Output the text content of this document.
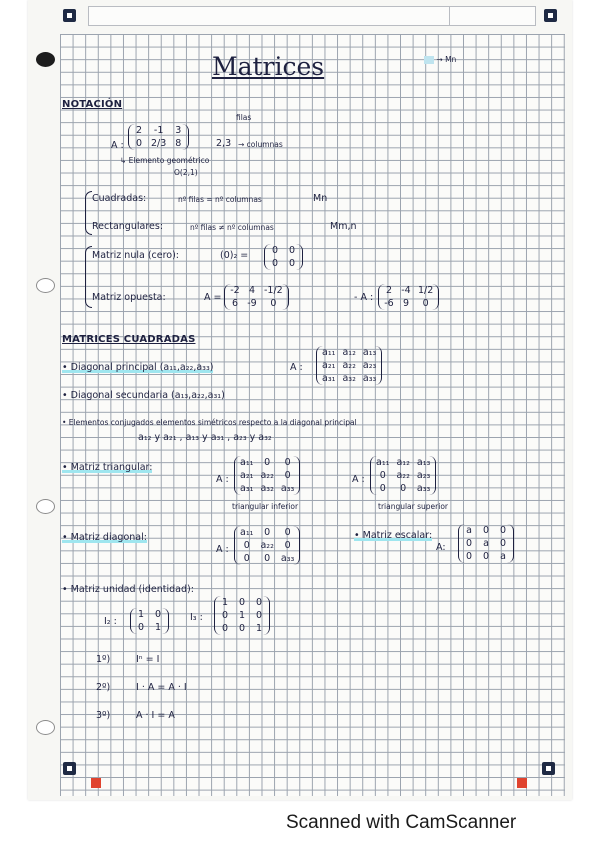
Matrices	→ Mn
NOTACIÓN
A :
2	-1	3
0 2/3 8
filas
2,3 → columnas
↳ Elemento geométrico
O(2,1)
Cuadradas:	nº filas = nº columnas	Mn
Rectangulares:	nº filas ≠ nº columnas	Mm,n
Matriz nula (cero):	(0)₂ = 0 0
0 0
Matriz opuesta:	A =
-2 4 -1/2
6 -9	0
- A :
2 -4 1/2
-6 9	0
MATRICES CUADRADAS
• Diagonal principal (a₁₁,a₂₂,a₃₃)	A :
a₁₁ a₁₂ a₁₃
a₂₁ a₂₂ a₂₃
a₃₁ a₃₂ a₃₃
• Diagonal secundaria (a₁₃,a₂₂,a₃₁)
• Elementos conjugados elementos simétricos respecto a la diagonal principal
a₁₂ y a₂₁ , a₁₃ y a₃₁ , a₂₃ y a₃₂
• Matriz triangular:
A :
a₁₁	0	0
a₂₁ a₂₂	0
a₃₁ a₃₂ a₃₃
triangular inferior
A :
a₁₁ a₁₂ a₁₃
0	a₂₂ a₂₃
0	0	a₃₃
triangular superior
• Matriz diagonal:
A :
a₁₁	0	0
0	a₂₂	0
0	0	a₃₃
• Matriz escalar:
A:
a 0 0
0 a 0
0 0 a
• Matriz unidad (identidad):
I₂ :
1 0
0 1
I₃ :
1 0 0
0 1 0
0 0 1
1º)	Iⁿ = I
2º)	I · A = A · I
3º)	A · I = A
Scanned with CamScanner
